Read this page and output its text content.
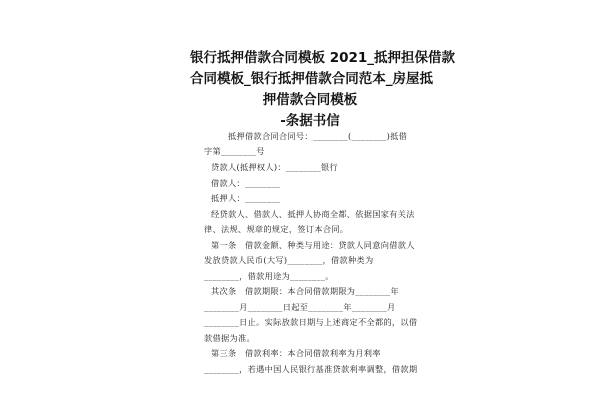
银行抵押借款合同模板 2021_抵押担保借款
合同模板_银行抵押借款合同范本_房屋抵
押借款合同模板
-条据书信
抵押借款合同合同号：________(________)抵借
字第________号
贷款人(抵押权人)：________银行
借款人：________
抵押人：________
经贷款人、借款人、抵押人协商全都、依据国家有关法
律、法规、规章的规定，签订本合同。
第一条　借款金额、种类与用途：贷款人同意向借款人
发放贷款人民币(大写)________，借款种类为
________，借款用途为________。
其次条　借款期限：本合同借款期限为________年
________月________日起至________年________月
________日止。实际放款日期与上述商定不全都的，以借
款借据为准。
第三条　借款利率：本合同借款利率为月利率
________，若遇中国人民银行基准贷款利率调整，借款期
